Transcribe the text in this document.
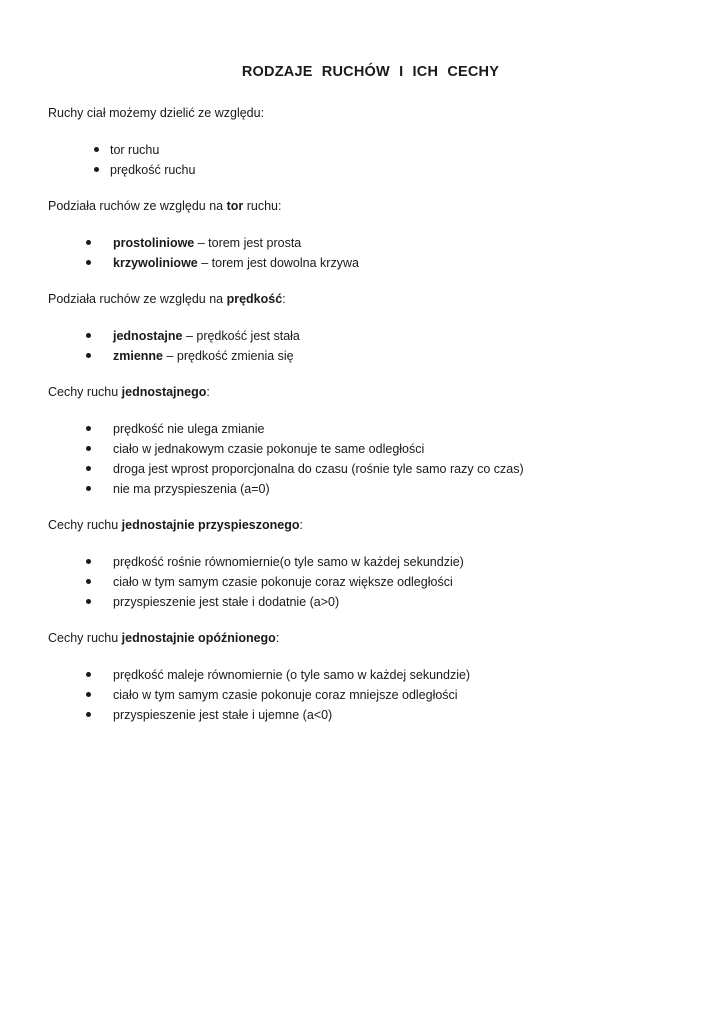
RODZAJE RUCHÓW I ICH CECHY

Ruchy ciał możemy dzielić ze względu:

tor ruchu
prędkość ruchu

Podziała ruchów ze względu na tor ruchu:

prostoliniowe – torem jest prosta
krzywoliniowe – torem jest dowolna krzywa

Podziała ruchów ze względu na prędkość:

jednostajne – prędkość jest stała
zmienne – prędkość zmienia się

Cechy ruchu jednostajnego:

prędkość nie ulega zmianie
ciało w jednakowym czasie pokonuje te same odległości
droga jest wprost proporcjonalna do czasu (rośnie tyle samo razy co czas)
nie ma przyspieszenia (a=0)

Cechy ruchu jednostajnie przyspieszonego:

prędkość rośnie równomiernie(o tyle samo w każdej sekundzie)
ciało w tym samym czasie pokonuje coraz większe odległości
przyspieszenie jest stałe i dodatnie (a>0)

Cechy ruchu jednostajnie opóźnionego:

prędkość maleje równomiernie (o tyle samo w każdej sekundzie)
ciało w tym samym czasie pokonuje coraz mniejsze odległości
przyspieszenie jest stałe i ujemne (a<0)
